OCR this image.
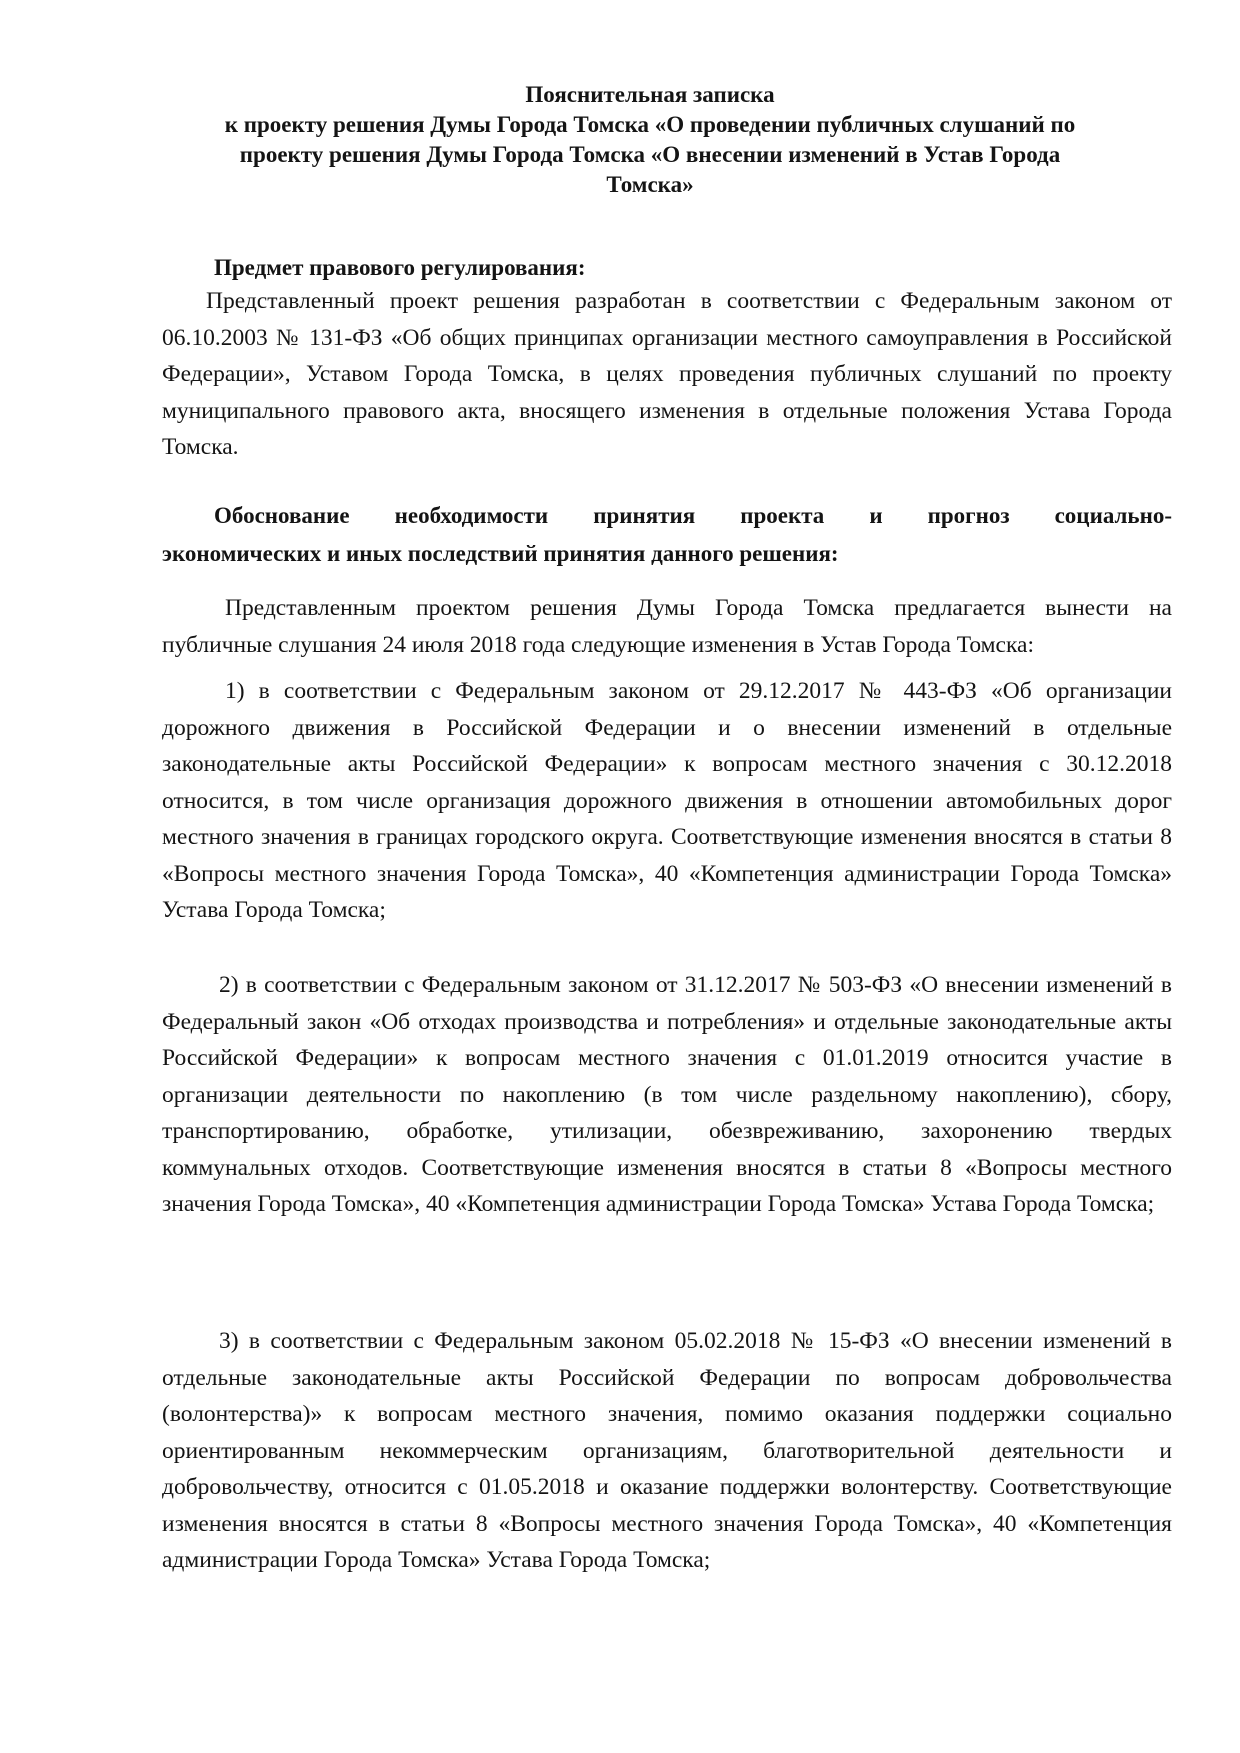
Пояснительная записка
к проекту решения Думы Города Томска «О проведении публичных слушаний по
проекту решения Думы Города Томска «О внесении изменений в Устав Города
Томска»

Предмет правового регулирования:

Представленный проект решения разработан в соответствии с Федеральным законом от 06.10.2003 № 131-ФЗ «Об общих принципах организации местного самоуправления в Российской Федерации», Уставом Города Томска, в целях проведения публичных слушаний по проекту муниципального правового акта, вносящего изменения в отдельные положения Устава Города Томска.

Обоснование необходимости принятия проекта и прогноз социально-

экономических и иных последствий принятия данного решения:

Представленным проектом решения Думы Города Томска предлагается вынести на публичные слушания 24 июля 2018 года следующие изменения в Устав Города Томска:

1) в соответствии с Федеральным законом от 29.12.2017 № 443-ФЗ «Об организации дорожного движения в Российской Федерации и о внесении изменений в отдельные законодательные акты Российской Федерации» к вопросам местного значения с 30.12.2018 относится, в том числе организация дорожного движения в отношении автомобильных дорог местного значения в границах городского округа. Соответствующие изменения вносятся в статьи 8 «Вопросы местного значения Города Томска», 40 «Компетенция администрации Города Томска» Устава Города Томска;

2) в соответствии с Федеральным законом от 31.12.2017 № 503-ФЗ «О внесении изменений в Федеральный закон «Об отходах производства и потребления» и отдельные законодательные акты Российской Федерации» к вопросам местного значения с 01.01.2019 относится участие в организации деятельности по накоплению (в том числе раздельному накоплению), сбору, транспортированию, обработке, утилизации, обезвреживанию, захоронению твердых коммунальных отходов. Соответствующие изменения вносятся в статьи 8 «Вопросы местного значения Города Томска», 40 «Компетенция администрации Города Томска» Устава Города Томска;

3) в соответствии с Федеральным законом 05.02.2018 № 15-ФЗ «О внесении изменений в отдельные законодательные акты Российской Федерации по вопросам добровольчества (волонтерства)» к вопросам местного значения, помимо оказания поддержки социально ориентированным некоммерческим организациям, благотворительной деятельности и добровольчеству, относится с 01.05.2018 и оказание поддержки волонтерству. Соответствующие изменения вносятся в статьи 8 «Вопросы местного значения Города Томска», 40 «Компетенция администрации Города Томска» Устава Города Томска;
